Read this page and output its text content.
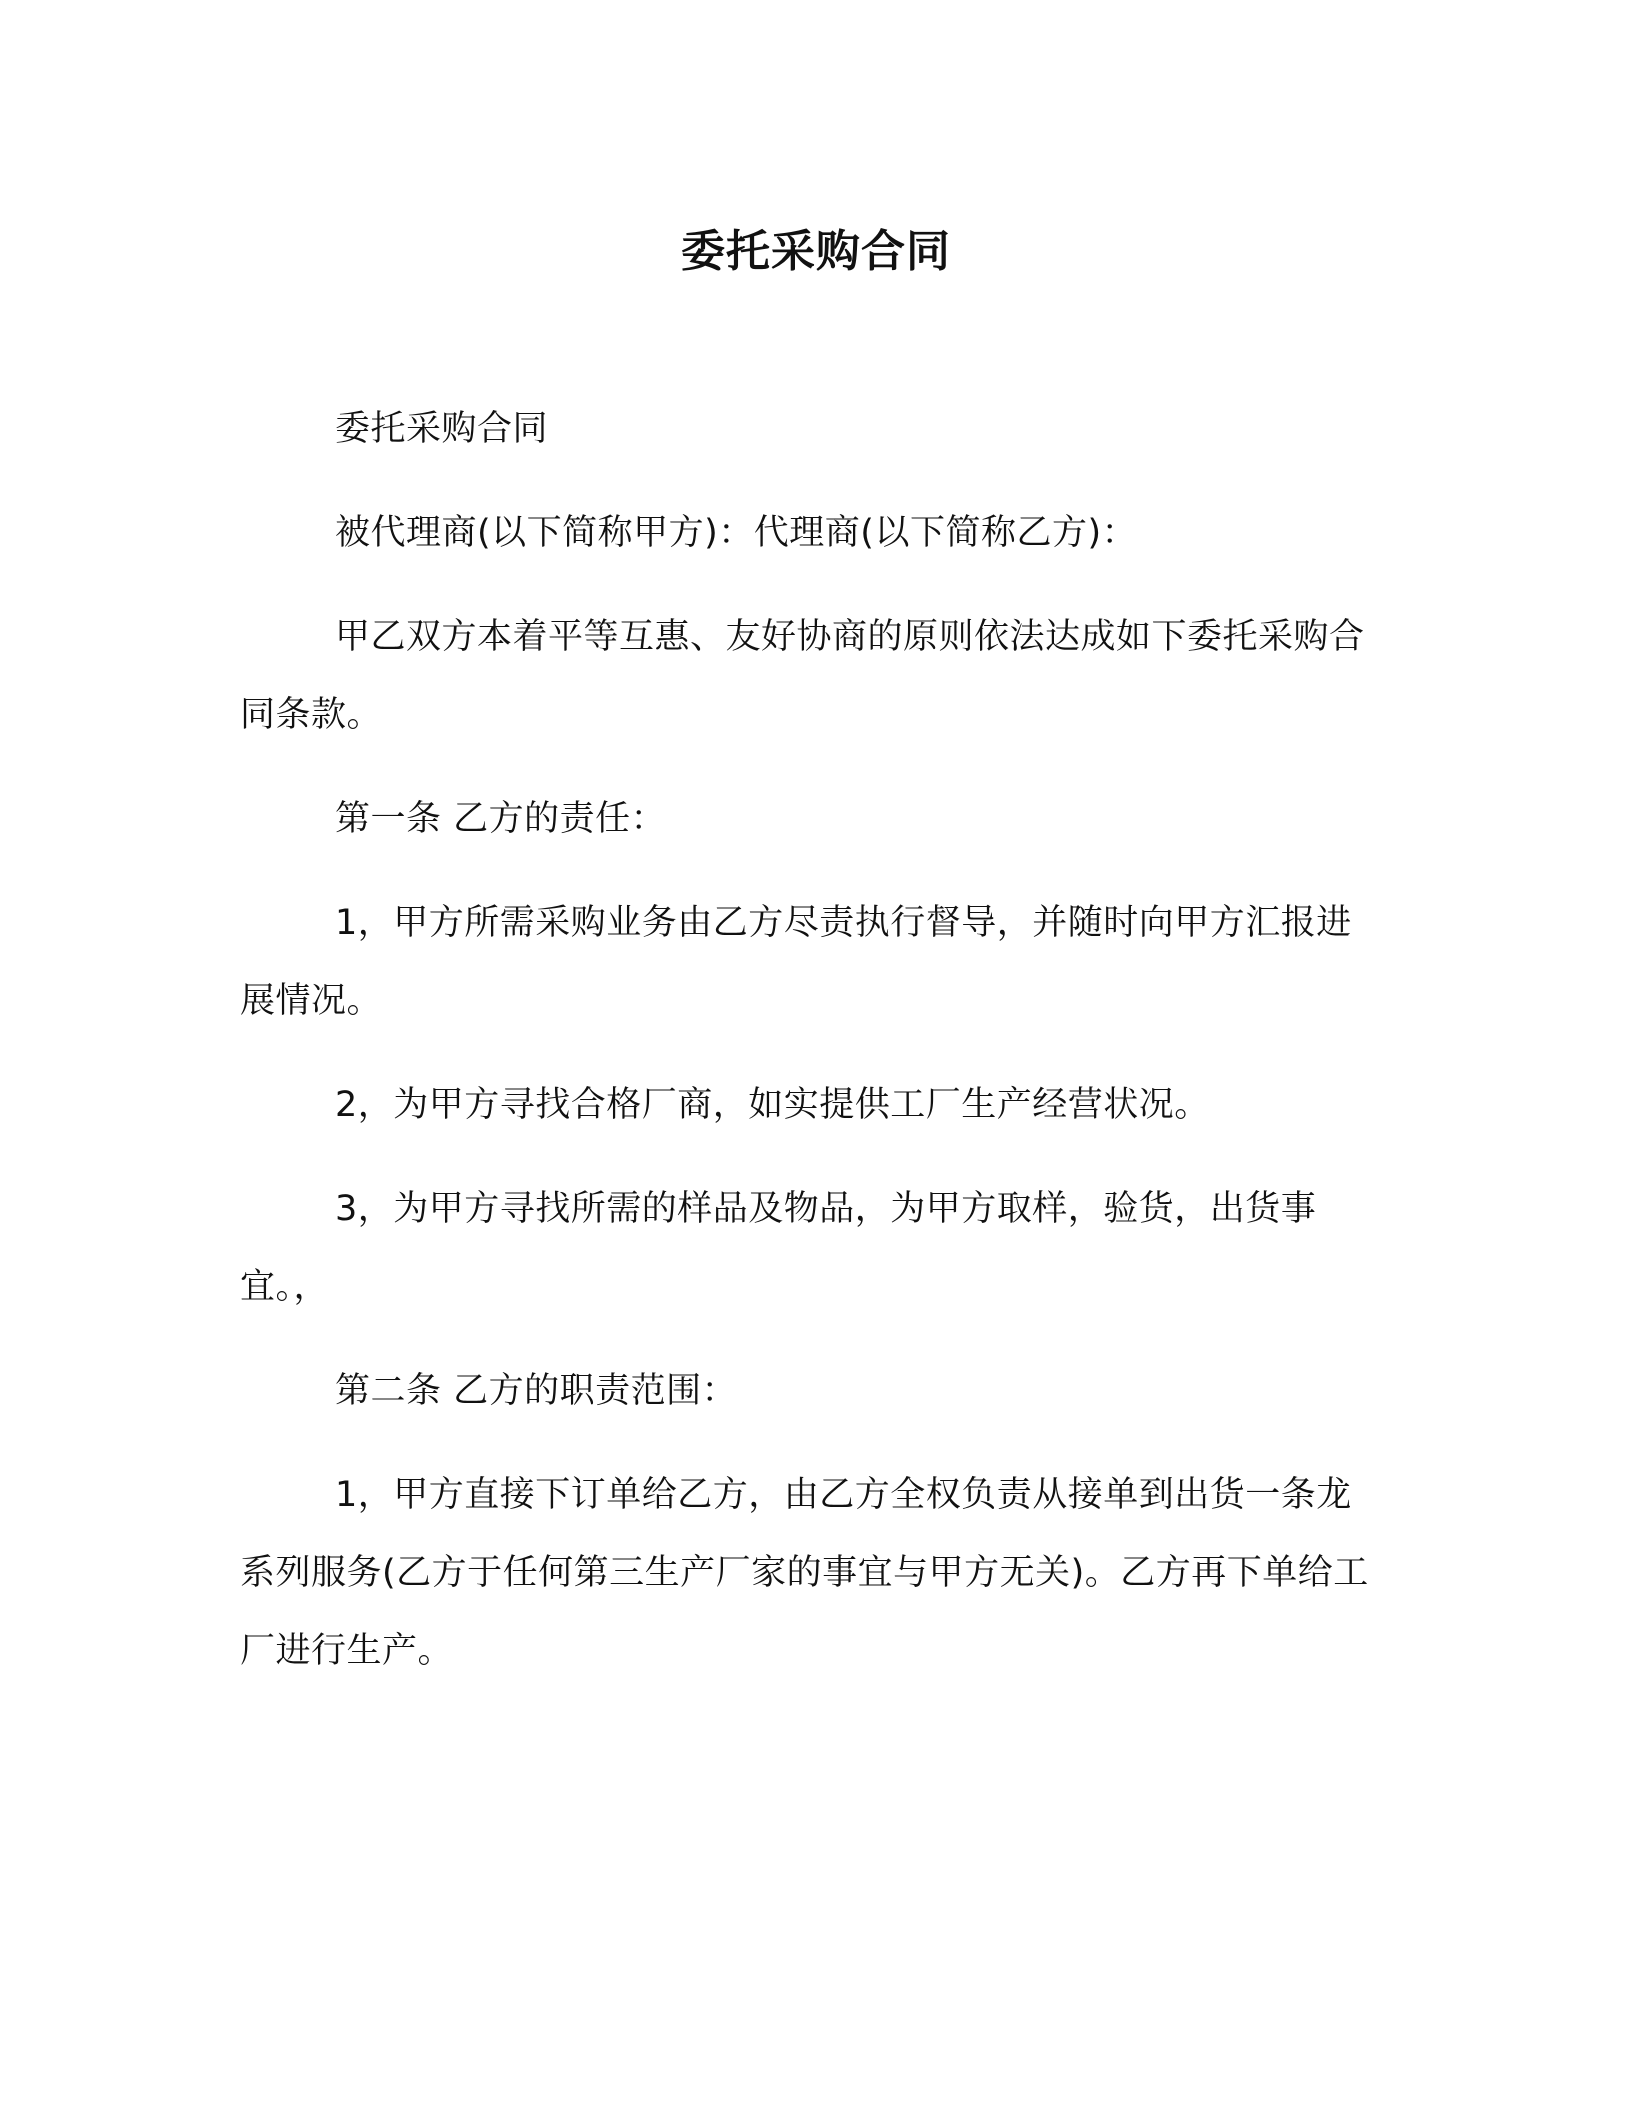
委托采购合同

委托采购合同

被代理商(以下简称甲方)：代理商(以下简称乙方)：

甲乙双方本着平等互惠、友好协商的原则依法达成如下委托采购合同条款。

第一条 乙方的责任：

1，甲方所需采购业务由乙方尽责执行督导，并随时向甲方汇报进展情况。

2，为甲方寻找合格厂商，如实提供工厂生产经营状况。

3，为甲方寻找所需的样品及物品，为甲方取样，验货，出货事宜。，

第二条 乙方的职责范围：

1，甲方直接下订单给乙方，由乙方全权负责从接单到出货一条龙系列服务(乙方于任何第三生产厂家的事宜与甲方无关)。乙方再下单给工厂进行生产。
